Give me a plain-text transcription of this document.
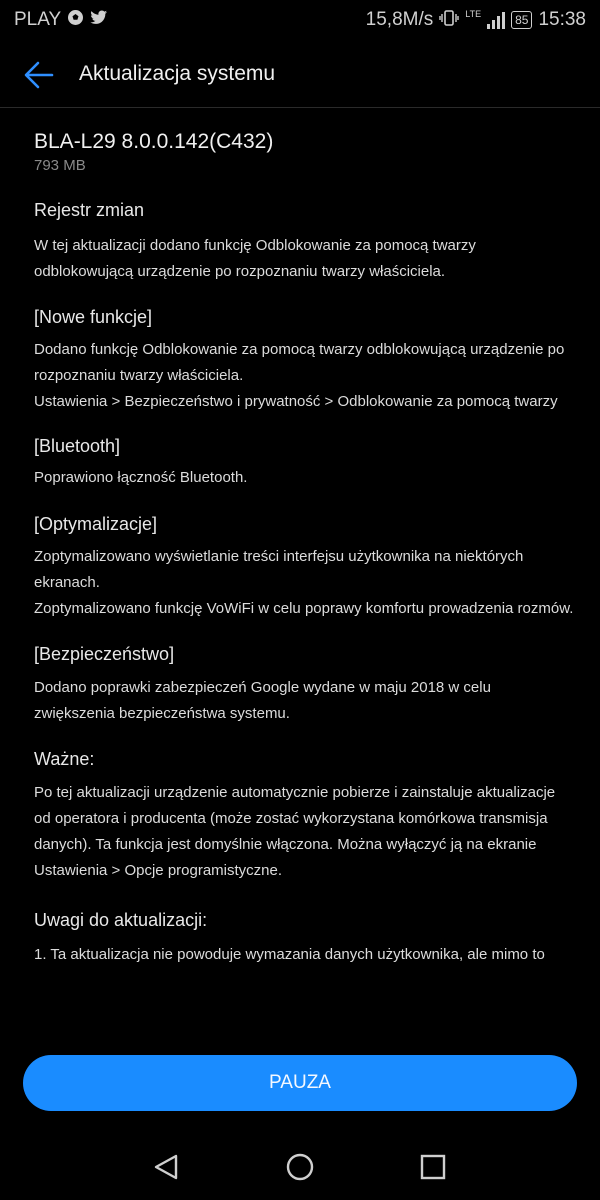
PLAY	15,8M/s	LTE	85 15:38
Aktualizacja systemu

BLA-L29 8.0.0.142(C432)

793 MB

Rejestr zmian

W tej aktualizacji dodano funkcję Odblokowanie za pomocą twarzy odblokowującą urządzenie po rozpoznaniu twarzy właściciela.

[Nowe funkcje]

Dodano funkcję Odblokowanie za pomocą twarzy odblokowującą urządzenie po rozpoznaniu twarzy właściciela.

Ustawienia > Bezpieczeństwo i prywatność > Odblokowanie za pomocą twarzy

[Bluetooth]

Poprawiono łączność Bluetooth.

[Optymalizacje]

Zoptymalizowano wyświetlanie treści interfejsu użytkownika na niektórych ekranach.

Zoptymalizowano funkcję VoWiFi w celu poprawy komfortu prowadzenia rozmów.

[Bezpieczeństwo]

Dodano poprawki zabezpieczeń Google wydane w maju 2018 w celu zwiększenia bezpieczeństwa systemu.

Ważne:

Po tej aktualizacji urządzenie automatycznie pobierze i zainstaluje aktualizacje od operatora i producenta (może zostać wykorzystana komórkowa transmisja danych). Ta funkcja jest domyślnie włączona. Można wyłączyć ją na ekranie Ustawienia > Opcje programistyczne.

Uwagi do aktualizacji:

1. Ta aktualizacja nie powoduje wymazania danych użytkownika, ale mimo to

PAUZA
